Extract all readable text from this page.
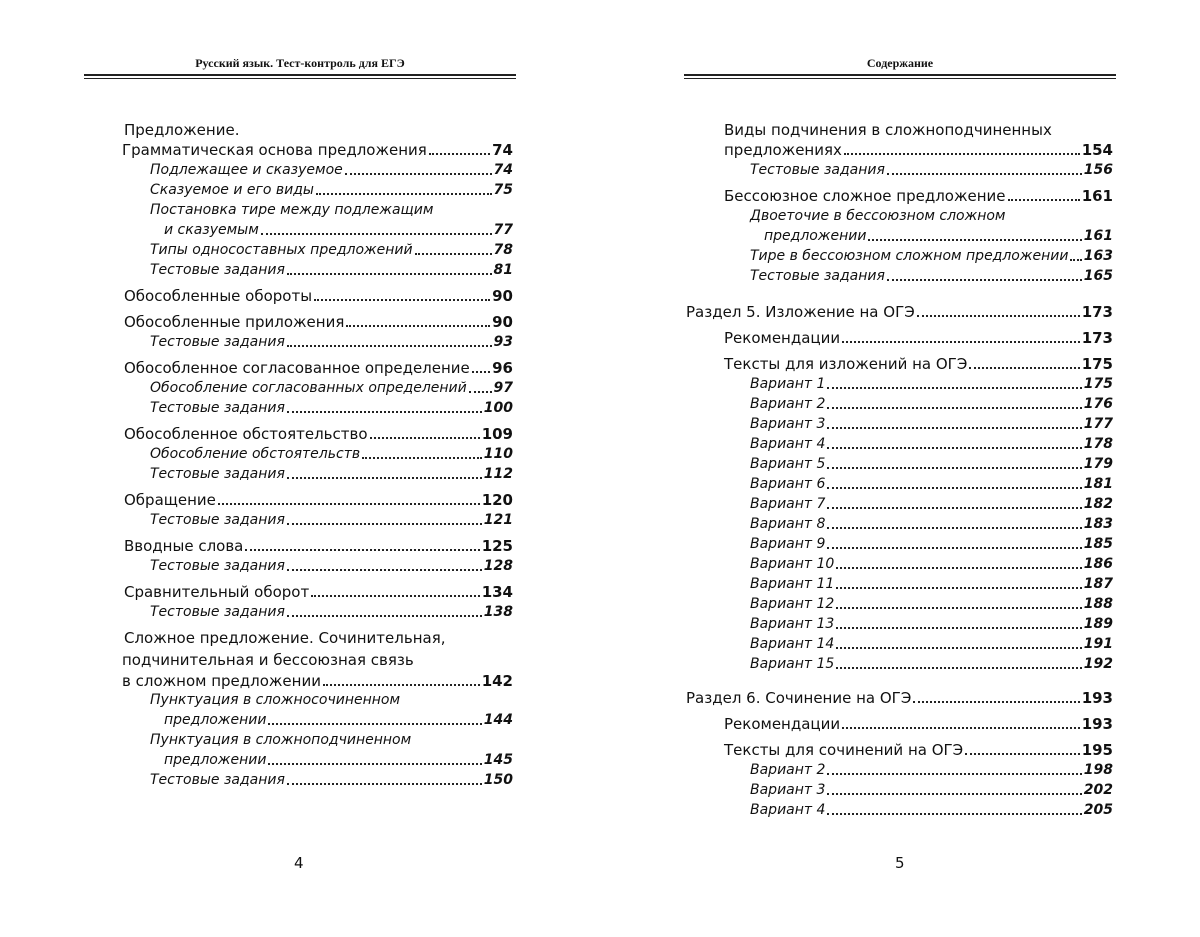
Русский язык. Тест-контроль для ЕГЭ
Предложение.
Грамматическая основа предложения	74
Подлежащее и сказуемое	74
Сказуемое и его виды	75
Постановка тире между подлежащим
и сказуемым	77
Типы односоставных предложений	78
Тестовые задания	81
Обособленные обороты	90
Обособленные приложения	90
Тестовые задания	93
Обособленное согласованное определение 96
Обособление согласованных определений 97
Тестовые задания	100
Обособленное обстоятельство	109
Обособление обстоятельств	110
Тестовые задания	112
Обращение	120
Тестовые задания	121
Вводные слова	125
Тестовые задания	128
Сравнительный оборот	134
Тестовые задания	138
Сложное предложение. Сочинительная,
подчинительная и бессоюзная связь
в сложном предложении	142
Пунктуация в сложносочиненном
предложении	144
Пунктуация в сложноподчиненном
предложении	145
Тестовые задания	150
4
Содержание
Виды подчинения в сложноподчиненных
предложениях	154
Тестовые задания	156
Бессоюзное сложное предложение	161
Двоеточие в бессоюзном сложном
предложении	161
Тире в бессоюзном сложном предложении 163
Тестовые задания	165
Раздел 5. Изложение на ОГЭ	173
Рекомендации	173
Тексты для изложений на ОГЭ	175
Вариант 1	175
Вариант 2	176
Вариант 3	177
Вариант 4	178
Вариант 5	179
Вариант 6	181
Вариант 7	182
Вариант 8	183
Вариант 9	185
Вариант 10	186
Вариант 11	187
Вариант 12	188
Вариант 13	189
Вариант 14	191
Вариант 15	192
Раздел 6. Сочинение на ОГЭ	193
Рекомендации	193
Тексты для сочинений на ОГЭ	195
Вариант 2	198
Вариант 3	202
Вариант 4	205
5
